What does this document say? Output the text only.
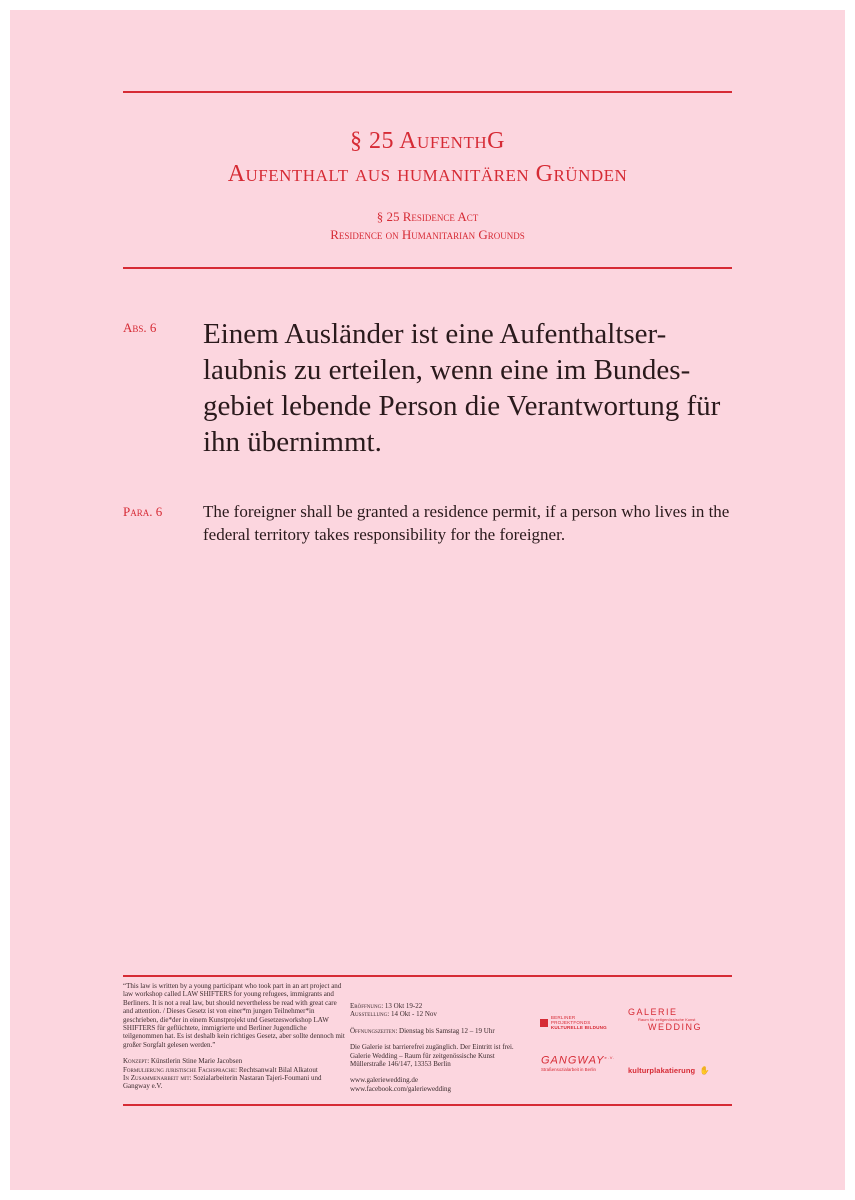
§ 25 AufenthG
Aufenthalt aus humanitären Gründen
§ 25 Residence Act
Residence on Humanitarian Grounds
Abs. 6 Einem Ausländer ist eine Aufenthaltser- laubnis zu erteilen, wenn eine im Bundes- gebiet lebende Person die Verantwortung für ihn übernimmt.
Para. 6 The foreigner shall be granted a residence permit, if a person who lives in the federal territory takes responsibility for the foreigner.

“This law is written by a young participant who took part in an art project and law workshop called LAW SHIFTERS for young refugees, immigrants and Berliners. It is not a real law, but should nevertheless be read with great care and attention. / Dieses Gesetz ist von einer*m jungen Teilnehmer*in geschrieben, die*der in einem Kunstprojekt und Gesetzesworkshop LAW SHIFTERS für geflüchtete, immigrierte und Berliner Jugendliche teilgenommen hat. Es ist deshalb kein richtiges Gesetz, aber sollte dennoch mit großer Sorgfalt gelesen werden.”

Konzept: Künstlerin Stine Marie Jacobsen

Formulierung juristische Fachsprache: Rechtsanwalt Bilal Alkatout

In Zusammenarbeit mit: Sozialarbeiterin Nastaran Tajeri-Foumani und Gangway e.V.

Eröffnung: 13 Okt 19-22

Ausstellung: 14 Okt - 12 Nov

Öffnungszeiten: Dienstag bis Samstag 12 – 19 Uhr

Die Galerie ist barrierefrei zugänglich. Der Eintritt ist frei.

Galerie Wedding – Raum für zeitgenössische Kunst

Müllerstraße 146/147, 13353 Berlin

www.galeriewedding.de

www.facebook.com/galeriewedding

BERLINER PROJEKTFONDS
KULTURELLE BILDUNG
GALERIE
Raum für zeitgenössische Kunst
WEDDING
$GANGWAY^{e.V.}$
Straßensozialarbeit in Berlin	kulturplakatierung ✋
